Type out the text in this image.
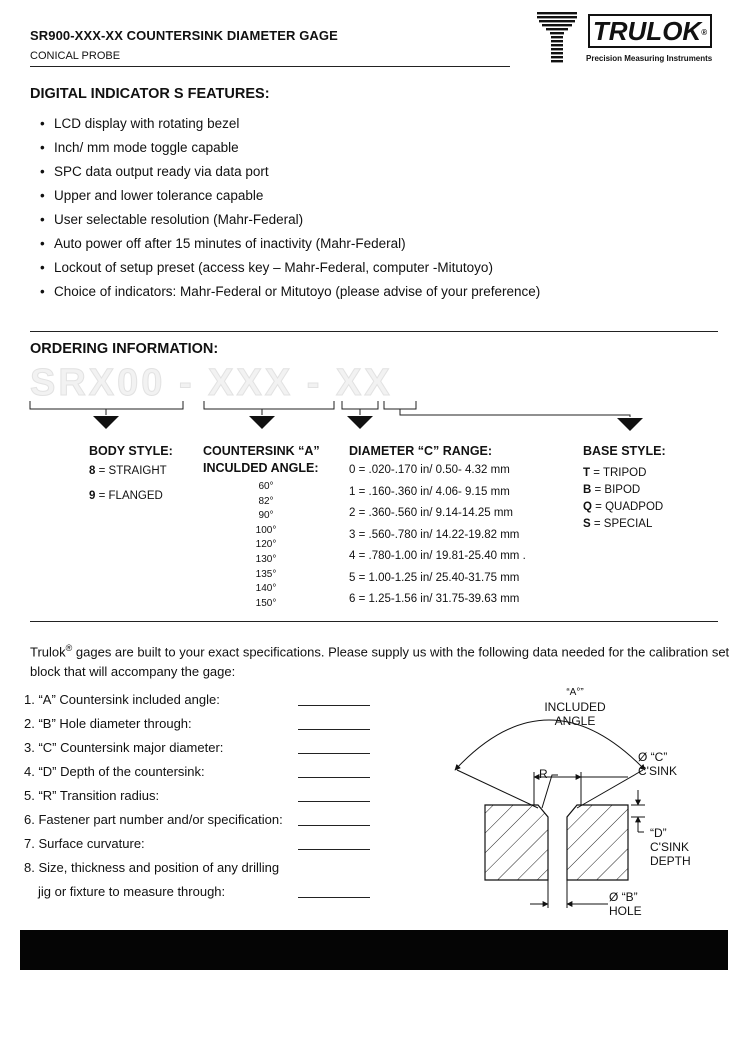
SR900-XXX-XX COUNTERSINK DIAMETER GAGE
CONICAL PROBE
TRULOK®
Precision Measuring Instruments
DIGITAL INDICATOR S FEATURES:
• LCD display with rotating bezel
• Inch/ mm mode toggle capable
• SPC data output ready via data port
• Upper and lower tolerance capable
• User selectable resolution (Mahr-Federal)
• Auto power off after 15 minutes of inactivity (Mahr-Federal)
• Lockout of setup preset (access key – Mahr-Federal, computer -Mitutoyo)
• Choice of indicators: Mahr-Federal or Mitutoyo (please advise of your preference)
ORDERING INFORMATION:
SRX00 - XXX - XX
BODY STYLE:
8 = STRAIGHT
9 = FLANGED
COUNTERSINK “A”
INCULDED ANGLE:
60°
82°
90°
100°
120°
130°
135°
140°
150°
DIAMETER “C” RANGE:
0 = .020-.170 in/ 0.50- 4.32 mm
1 = .160-.360 in/ 4.06- 9.15 mm
2 = .360-.560 in/ 9.14-14.25 mm
3 = .560-.780 in/ 14.22-19.82 mm
4 = .780-1.00 in/ 19.81-25.40 mm .
5 = 1.00-1.25 in/ 25.40-31.75 mm
6 = 1.25-1.56 in/ 31.75-39.63 mm
BASE STYLE:
T = TRIPOD
B = BIPOD
Q = QUADPOD
S = SPECIAL
Trulok® gages are built to your exact specifications. Please supply us with the following data needed for the calibration set block that will accompany the gage:
1. “A” Countersink included angle:
2. “B” Hole diameter through:
3. “C” Countersink major diameter:
4. “D” Depth of the countersink:
5. “R” Transition radius:
6. Fastener part number and/or specification:
7. Surface curvature:
8. Size, thickness and position of any drilling
jig or fixture to measure through:
“A°”
INCLUDED
ANGLE
R
Ø “C”
C'SINK
“D”
C'SINK
DEPTH
Ø “B”
HOLE
